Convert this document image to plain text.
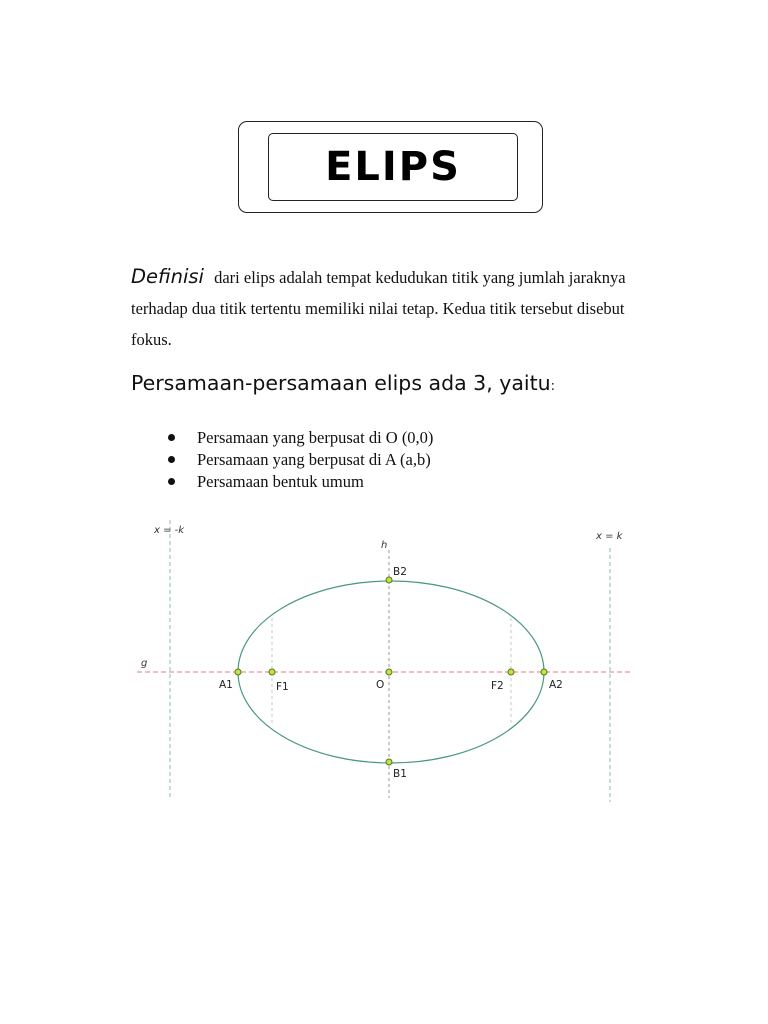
ELIPS

Definisi dari elips adalah tempat kedudukan titik yang jumlah jaraknya terhadap dua titik tertentu memiliki nilai tetap. Kedua titik tersebut disebut fokus.

Persamaan-persamaan elips ada 3, yaitu:
Persamaan yang berpusat di O (0,0)
Persamaan yang berpusat di A (a,b)
Persamaan bentuk umum
x = -k
x = k
g
h
A1	F1	O	F2	A2
B2
B1
